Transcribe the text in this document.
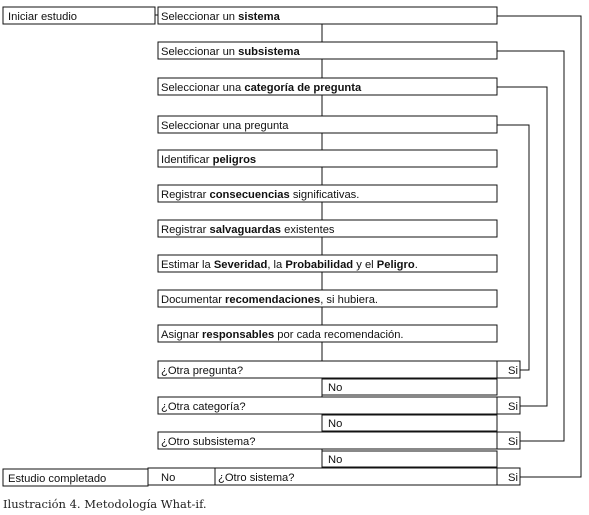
Seleccionar un sistema
Seleccionar un subsistema
Seleccionar una categoría de pregunta
Seleccionar una pregunta
Identificar peligros
Registrar consecuencias significativas.
Registrar salvaguardas existentes
Estimar la Severidad, la Probabilidad y el Peligro.
Documentar recomendaciones, si hubiera.
Asignar responsables por cada recomendación.
No
No
No
¿Otra pregunta?	Si
¿Otra categoría?	Si
¿Otro subsistema?	Si
¿Otro sistema?	Si
No
Iniciar estudio
Estudio completado
Ilustración 4. Metodología What-if.
